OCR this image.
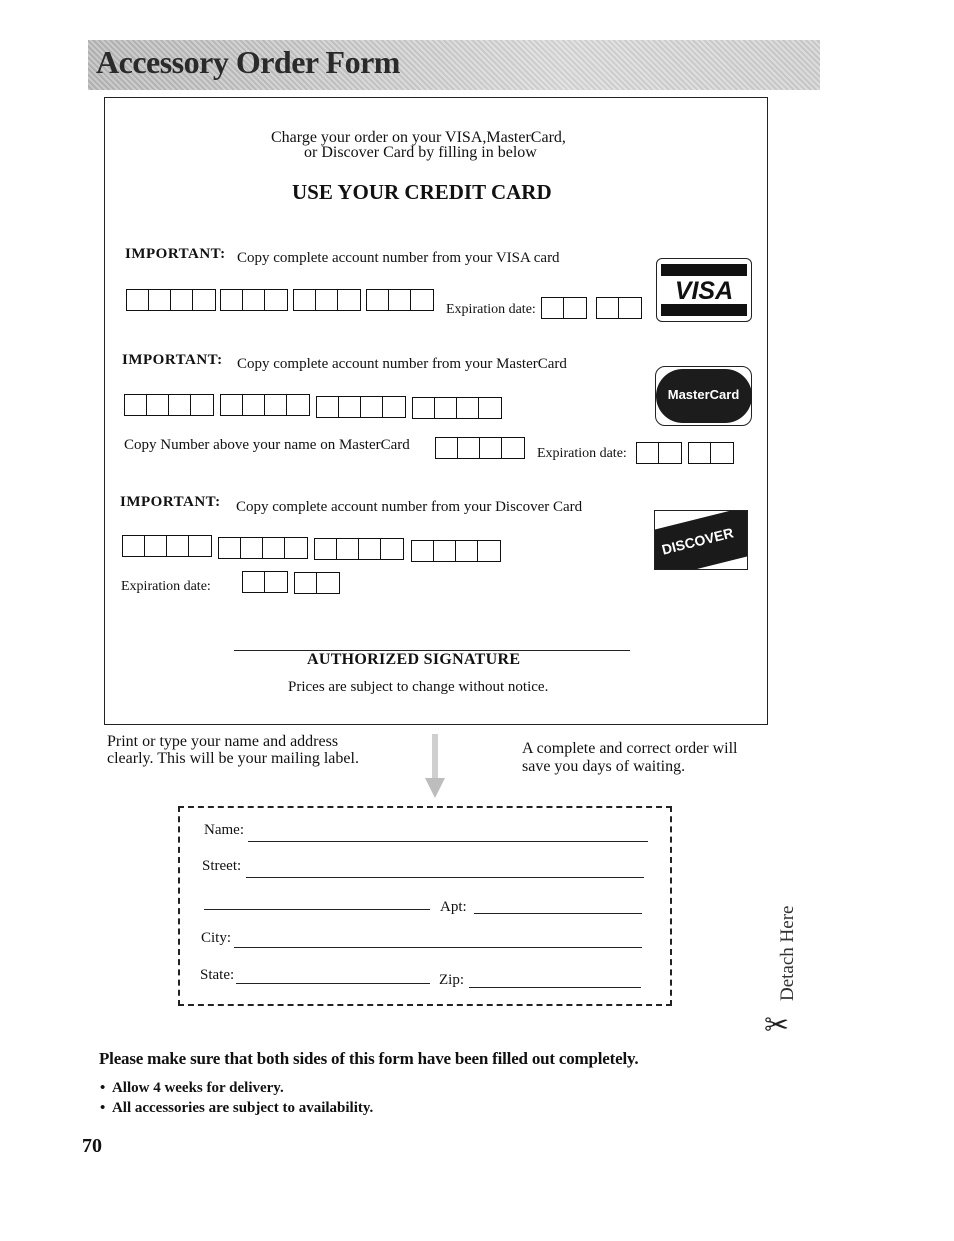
Accessory Order Form
Charge your order on your VISA,MasterCard,
or Discover Card by filling in below
USE YOUR CREDIT CARD
IMPORTANT: Copy complete account number from your VISA card
Expiration date:
VISA
IMPORTANT: Copy complete account number from your MasterCard
Copy Number above your name on MasterCard
Expiration date:
MasterCard
IMPORTANT: Copy complete account number from your Discover Card
Expiration date:
DISCOVER
AUTHORIZED SIGNATURE
Prices are subject to change without notice.
Print or type your name and address
clearly. This will be your mailing label.
A complete and correct order will
save you days of waiting.
Name:
Street:
Apt:
City:
State:	Zip:	Detach Here
✂
Please make sure that both sides of this form have been filled out completely.
•  Allow 4 weeks for delivery.
•  All accessories are subject to availability.
70
